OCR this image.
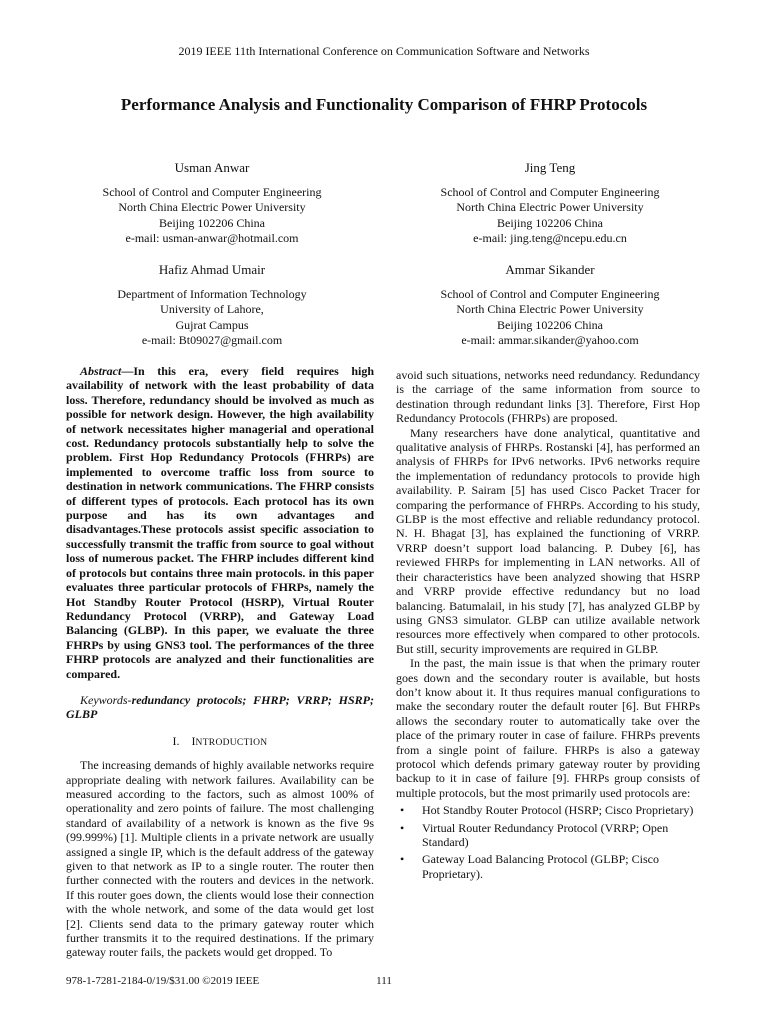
2019 IEEE 11th International Conference on Communication Software and Networks
Performance Analysis and Functionality Comparison of FHRP Protocols
Usman Anwar
School of Control and Computer Engineering
North China Electric Power University
Beijing 102206 China
e-mail: usman-anwar@hotmail.com
Jing Teng
School of Control and Computer Engineering
North China Electric Power University
Beijing 102206 China
e-mail: jing.teng@ncepu.edu.cn
Hafiz Ahmad Umair
Department of Information Technology
University of Lahore,
Gujrat Campus
e-mail: Bt09027@gmail.com
Ammar Sikander
School of Control and Computer Engineering
North China Electric Power University
Beijing 102206 China
e-mail: ammar.sikander@yahoo.com

Abstract—In this era, every field requires high availability of network with the least probability of data loss. Therefore, redundancy should be involved as much as possible for network design. However, the high availability of network necessitates higher managerial and operational cost. Redundancy protocols substantially help to solve the problem. First Hop Redundancy Protocols (FHRPs) are implemented to overcome traffic loss from source to destination in network communications. The FHRP consists of different types of protocols. Each protocol has its own purpose and has its own advantages and disadvantages.These protocols assist specific association to successfully transmit the traffic from source to goal without loss of numerous packet. The FHRP includes different kind of protocols but contains three main protocols. in this paper evaluates three particular protocols of FHRPs, namely the Hot Standby Router Protocol (HSRP), Virtual Router Redundancy Protocol (VRRP), and Gateway Load Balancing (GLBP). In this paper, we evaluate the three FHRPs by using GNS3 tool. The performances of the three FHRP protocols are analyzed and their functionalities are compared.

Keywords-redundancy protocols; FHRP; VRRP; HSRP; GLBP

I. INTRODUCTION

The increasing demands of highly available networks require appropriate dealing with network failures. Availability can be measured according to the factors, such as almost 100% of operationality and zero points of failure. The most challenging standard of availability of a network is known as the five 9s (99.999%) [1]. Multiple clients in a private network are usually assigned a single IP, which is the default address of the gateway given to that network as IP to a single router. The router then further connected with the routers and devices in the network. If this router goes down, the clients would lose their connection with the whole network, and some of the data would get lost [2]. Clients send data to the primary gateway router which further transmits it to the required destinations. If the primary gateway router fails, the packets would get dropped. To

avoid such situations, networks need redundancy. Redundancy is the carriage of the same information from source to destination through redundant links [3]. Therefore, First Hop Redundancy Protocols (FHRPs) are proposed.

Many researchers have done analytical, quantitative and qualitative analysis of FHRPs. Rostanski [4], has performed an analysis of FHRPs for IPv6 networks. IPv6 networks require the implementation of redundancy protocols to provide high availability. P. Sairam [5] has used Cisco Packet Tracer for comparing the performance of FHRPs. According to his study, GLBP is the most effective and reliable redundancy protocol. N. H. Bhagat [3], has explained the functioning of VRRP. VRRP doesn’t support load balancing. P. Dubey [6], has reviewed FHRPs for implementing in LAN networks. All of their characteristics have been analyzed showing that HSRP and VRRP provide effective redundancy but no load balancing. Batumalail, in his study [7], has analyzed GLBP by using GNS3 simulator. GLBP can utilize available network resources more effectively when compared to other protocols. But still, security improvements are required in GLBP.

In the past, the main issue is that when the primary router goes down and the secondary router is available, but hosts don’t know about it. It thus requires manual configurations to make the secondary router the default router [6]. But FHRPs allows the secondary router to automatically take over the place of the primary router in case of failure. FHRPs prevents from a single point of failure. FHRPs is also a gateway protocol which defends primary gateway router by providing backup to it in case of failure [9]. FHRPs group consists of multiple protocols, but the most primarily used protocols are:

• Hot Standby Router Protocol (HSRP; Cisco Proprietary)
• Virtual Router Redundancy Protocol (VRRP; Open Standard)
• Gateway Load Balancing Protocol (GLBP; Cisco Proprietary).
978-1-7281-2184-0/19/$31.00 ©2019 IEEE	111
